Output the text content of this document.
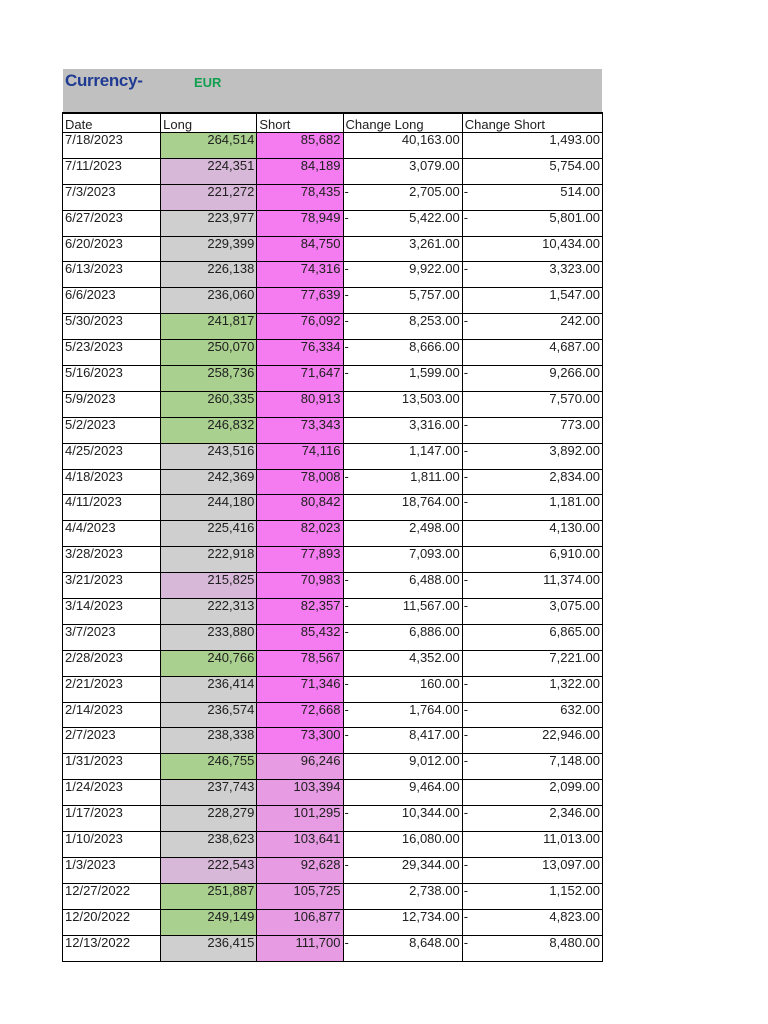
Currency-	EUR
Date	Long	Short	Change Long	Change Short
7/18/2023	264,514	85,682	40,163.00	1,493.00
7/11/2023	224,351	84,189	3,079.00	5,754.00
7/3/2023	221,272	78,435	- 2,705.00	- 514.00
6/27/2023	223,977	78,949	- 5,422.00	- 5,801.00
6/20/2023	229,399	84,750	3,261.00	10,434.00
6/13/2023	226,138	74,316	- 9,922.00	- 3,323.00
6/6/2023	236,060	77,639	- 5,757.00	1,547.00
5/30/2023	241,817	76,092	- 8,253.00	- 242.00
5/23/2023	250,070	76,334	- 8,666.00	4,687.00
5/16/2023	258,736	71,647	- 1,599.00	- 9,266.00
5/9/2023	260,335	80,913	13,503.00	7,570.00
5/2/2023	246,832	73,343	3,316.00	- 773.00
4/25/2023	243,516	74,116	1,147.00	- 3,892.00
4/18/2023	242,369	78,008	- 1,811.00	- 2,834.00
4/11/2023	244,180	80,842	18,764.00	- 1,181.00
4/4/2023	225,416	82,023	2,498.00	4,130.00
3/28/2023	222,918	77,893	7,093.00	6,910.00
3/21/2023	215,825	70,983	- 6,488.00	- 11,374.00
3/14/2023	222,313	82,357	- 11,567.00	- 3,075.00
3/7/2023	233,880	85,432	- 6,886.00	6,865.00
2/28/2023	240,766	78,567	4,352.00	7,221.00
2/21/2023	236,414	71,346	- 160.00	- 1,322.00
2/14/2023	236,574	72,668	- 1,764.00	- 632.00
2/7/2023	238,338	73,300	- 8,417.00	- 22,946.00
1/31/2023	246,755	96,246	9,012.00	- 7,148.00
1/24/2023	237,743	103,394	9,464.00	2,099.00
1/17/2023	228,279	101,295	- 10,344.00	- 2,346.00
1/10/2023	238,623	103,641	16,080.00	11,013.00
1/3/2023	222,543	92,628	- 29,344.00	- 13,097.00
12/27/2022	251,887	105,725	2,738.00	- 1,152.00
12/20/2022	249,149	106,877	12,734.00	- 4,823.00
12/13/2022	236,415	111,700	- 8,648.00	- 8,480.00
